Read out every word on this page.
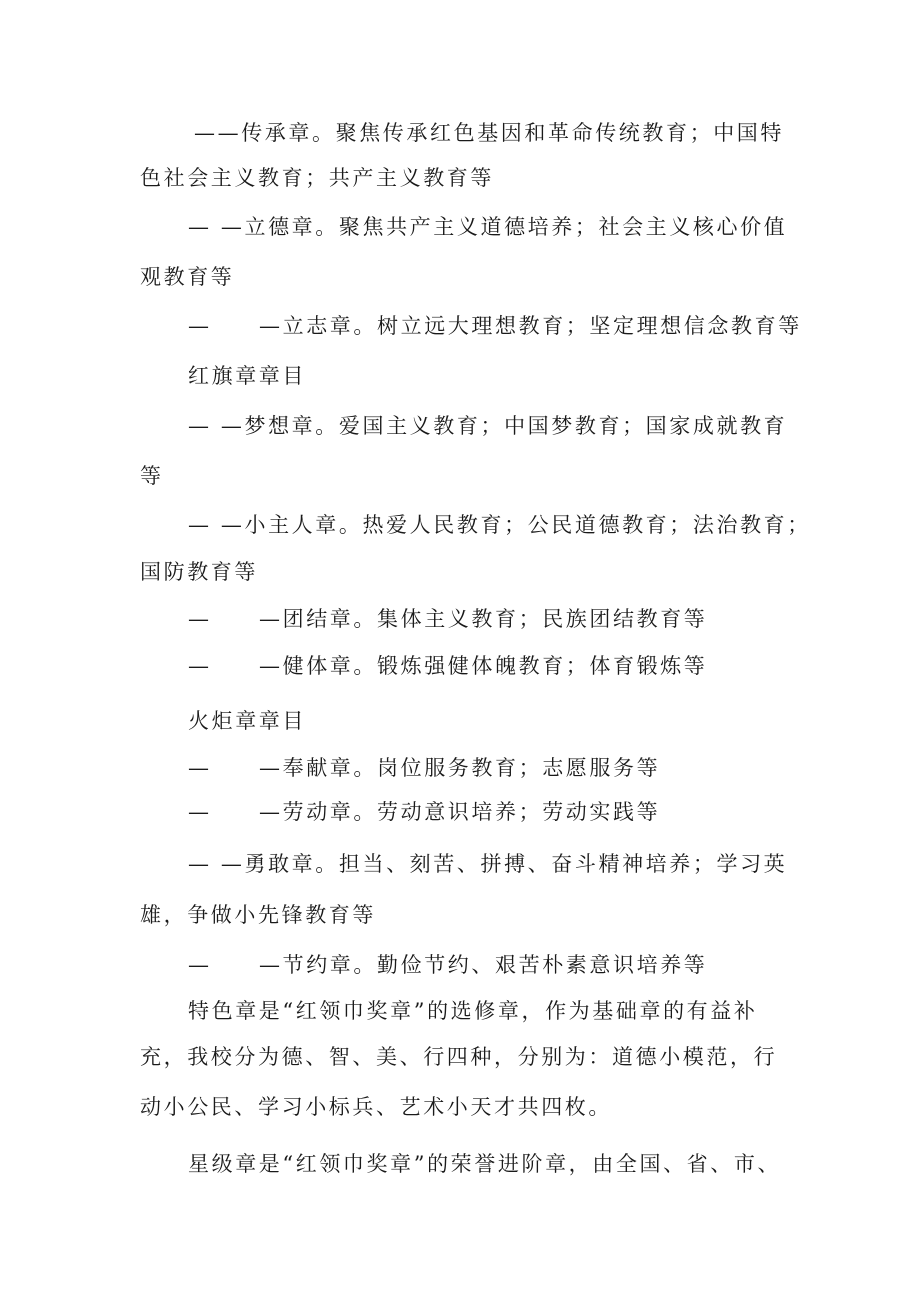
——传承章。聚焦传承红色基因和革命传统教育；中国特

色社会主义教育；共产主义教育等

— —立德章。聚焦共产主义道德培养；社会主义核心价值

观教育等

— —立志章。树立远大理想教育；坚定理想信念教育等

红旗章章目

— —梦想章。爱国主义教育；中国梦教育；国家成就教育

等

— —小主人章。热爱人民教育；公民道德教育；法治教育；

国防教育等

— —团结章。集体主义教育；民族团结教育等

— —健体章。锻炼强健体魄教育；体育锻炼等

火炬章章目

— —奉献章。岗位服务教育；志愿服务等

— —劳动章。劳动意识培养；劳动实践等

— —勇敢章。担当、刻苦、拼搏、奋斗精神培养；学习英

雄，争做小先锋教育等

— —节约章。勤俭节约、艰苦朴素意识培养等

特色章是“红领巾奖章”的选修章，作为基础章的有益补

充，我校分为德、智、美、行四种，分别为：道德小模范，行

动小公民、学习小标兵、艺术小天才共四枚。

星级章是“红领巾奖章”的荣誉进阶章，由全国、省、市、
